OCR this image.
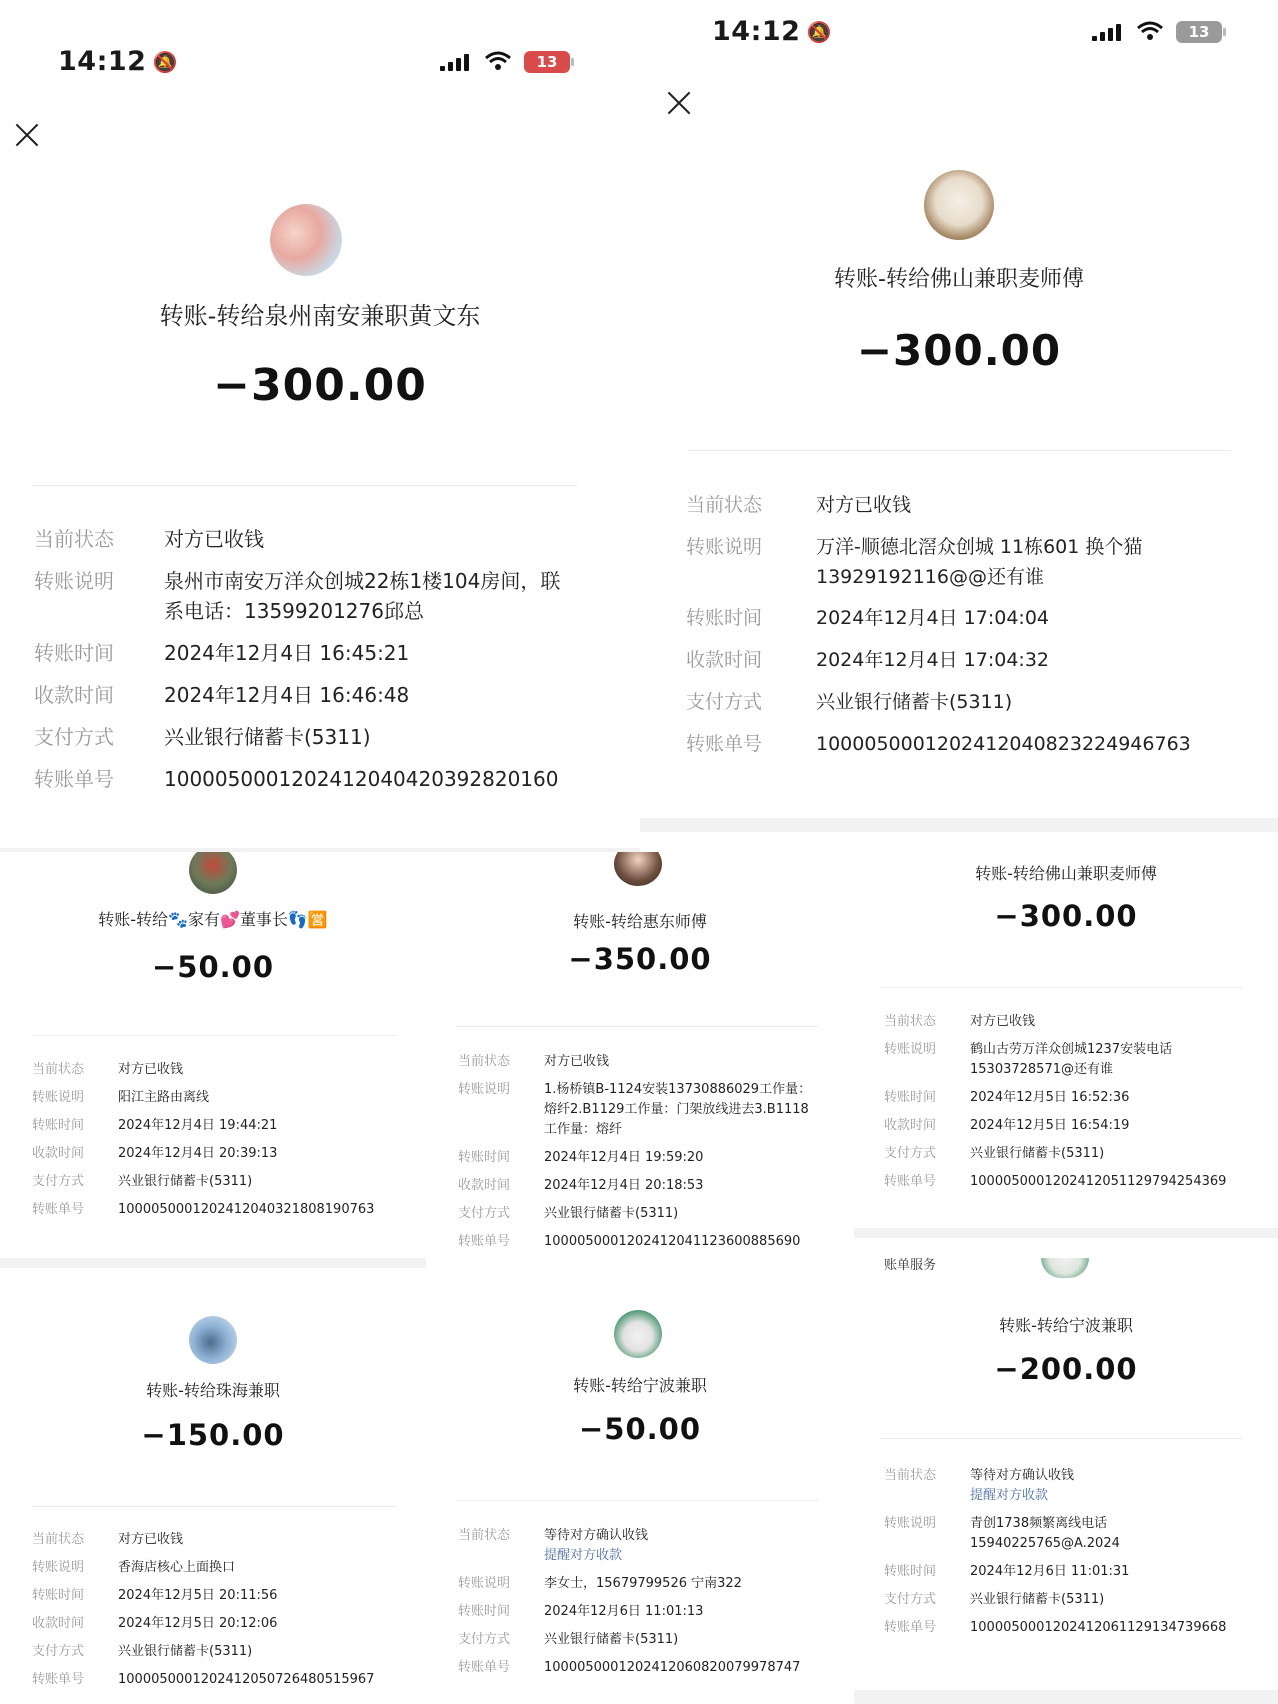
14:12 🔕	13
转账-转给泉州南安兼职黄文东
−300.00
当前状态	对方已收钱
转账说明	泉州市南安万洋众创城22栋1楼104房间，联系电话：13599201276邱总
转账时间	2024年12月4日 16:45:21
收款时间	2024年12月4日 16:46:48
支付方式	兴业银行储蓄卡(5311)
转账单号	1000050001202412040420392820160
14:12 🔕	13
转账-转给佛山兼职麦师傅
−300.00
当前状态	对方已收钱
转账说明	万洋-顺德北滘众创城 11栋601 换个猫13929192116@@还有谁
转账时间	2024年12月4日 17:04:04
收款时间	2024年12月4日 17:04:32
支付方式	兴业银行储蓄卡(5311)
转账单号	1000050001202412040823224946763
转账-转给🐾家有💕董事长👣🈺
−50.00
当前状态	对方已收钱
转账说明	阳江主路由离线
转账时间	2024年12月4日 19:44:21
收款时间	2024年12月4日 20:39:13
支付方式	兴业银行储蓄卡(5311)
转账单号	1000050001202412040321808190763
转账-转给惠东师傅
−350.00
当前状态	对方已收钱
转账说明	1.杨桥镇B-1124安装13730886029工作量：熔纤2.B1129工作量：门架放线进去3.B1118工作量：熔纤
转账时间	2024年12月4日 19:59:20
收款时间	2024年12月4日 20:18:53
支付方式	兴业银行储蓄卡(5311)
转账单号	1000050001202412041123600885690
转账-转给佛山兼职麦师傅
−300.00
当前状态	对方已收钱
转账说明	鹤山古劳万洋众创城1237安装电话15303728571@还有谁
转账时间	2024年12月5日 16:52:36
收款时间	2024年12月5日 16:54:19
支付方式	兴业银行储蓄卡(5311)
转账单号	1000050001202412051129794254369
转账-转给珠海兼职
−150.00
当前状态	对方已收钱
转账说明	香海店核心上面换口
转账时间	2024年12月5日 20:11:56
收款时间	2024年12月5日 20:12:06
支付方式	兴业银行储蓄卡(5311)
转账单号	1000050001202412050726480515967
转账-转给宁波兼职
−50.00
当前状态	等待对方确认收钱
提醒对方收款
转账说明	李女士，15679799526 宁南322
转账时间	2024年12月6日 11:01:13
支付方式	兴业银行储蓄卡(5311)
转账单号	1000050001202412060820079978747
账单服务
转账-转给宁波兼职
−200.00
当前状态	等待对方确认收钱
提醒对方收款
转账说明	青创1738频繁离线电话15940225765@A.2024
转账时间	2024年12月6日 11:01:31
支付方式	兴业银行储蓄卡(5311)
转账单号	1000050001202412061129134739668
